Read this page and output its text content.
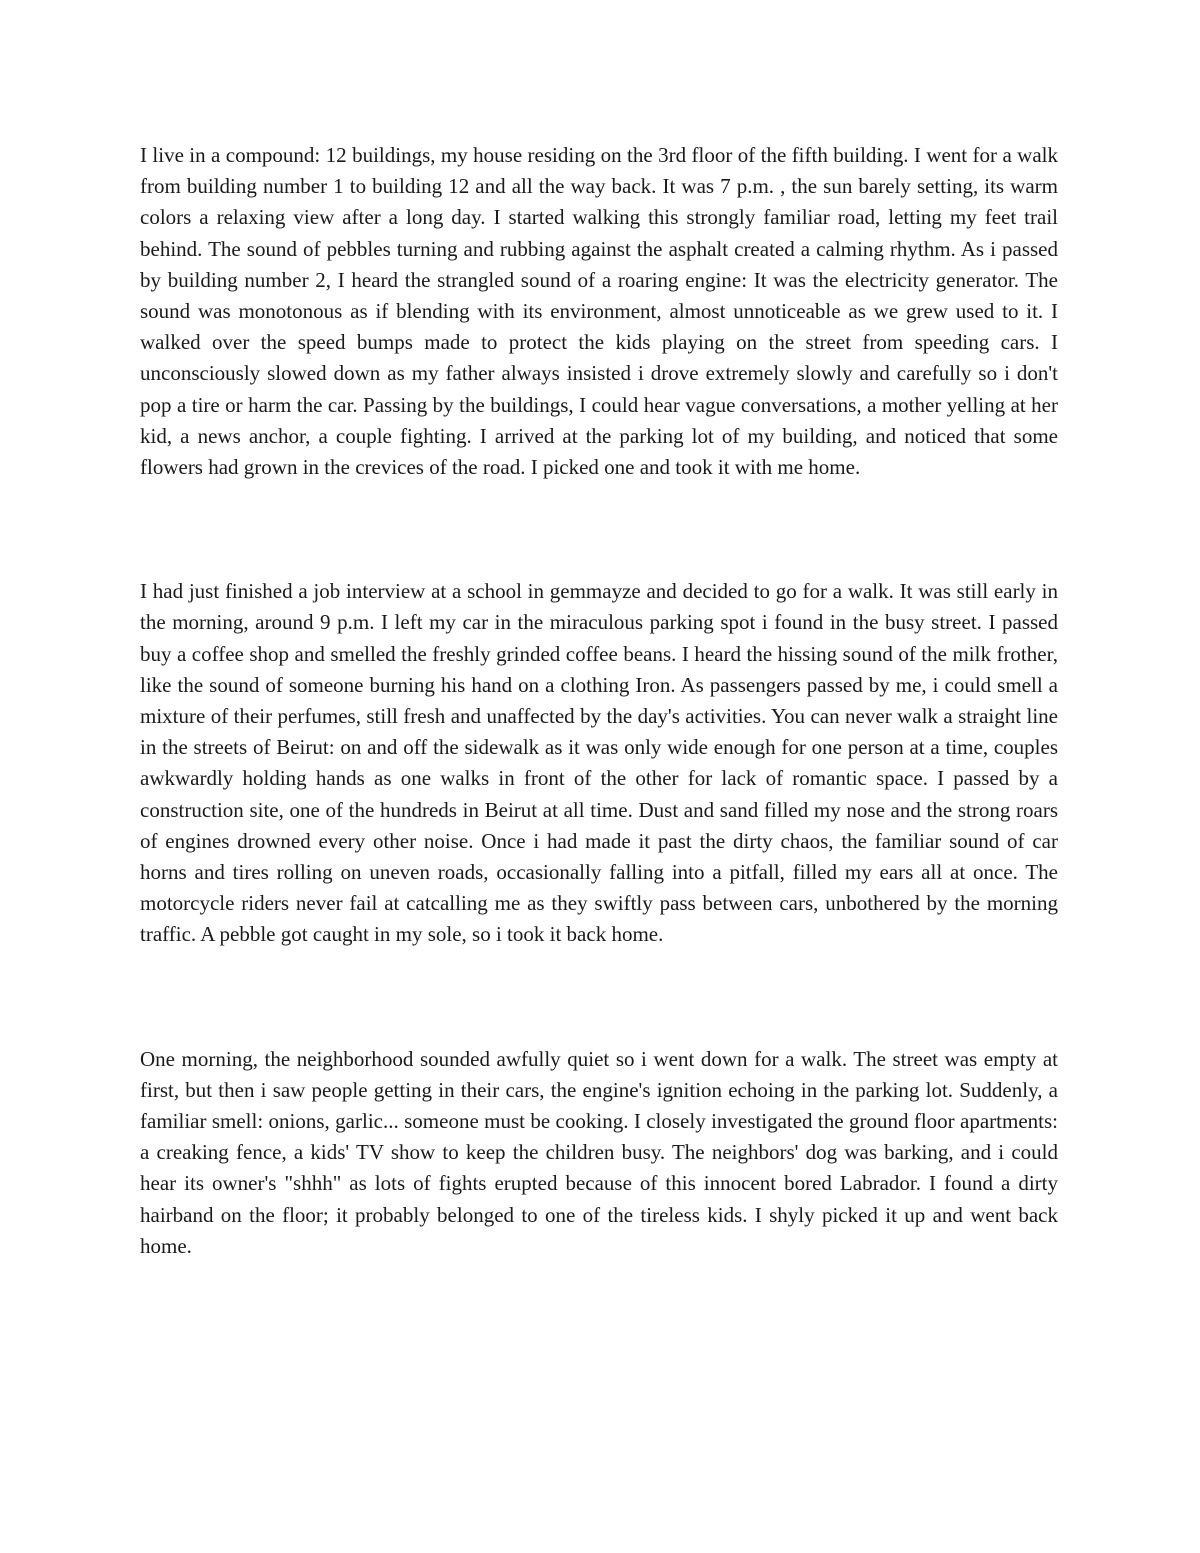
I live in a compound: 12 buildings, my house residing on the 3rd floor of the fifth building. I went for a walk from building number 1 to building 12 and all the way back. It was 7 p.m. , the sun barely setting, its warm colors a relaxing view after a long day. I started walking this strongly familiar road, letting my feet trail behind. The sound of pebbles turning and rubbing against the asphalt created a calming rhythm. As i passed by building number 2, I heard the strangled sound of a roaring engine: It was the electricity generator. The sound was monotonous as if blending with its environment, almost unnoticeable as we grew used to it. I walked over the speed bumps made to protect the kids playing on the street from speeding cars. I unconsciously slowed down as my father always insisted i drove extremely slowly and carefully so i don't pop a tire or harm the car. Passing by the buildings, I could hear vague conversations, a mother yelling at her kid, a news anchor, a couple fighting. I arrived at the parking lot of my building, and noticed that some flowers had grown in the crevices of the road. I picked one and took it with me home.

I had just finished a job interview at a school in gemmayze and decided to go for a walk. It was still early in the morning, around 9 p.m. I left my car in the miraculous parking spot i found in the busy street. I passed buy a coffee shop and smelled the freshly grinded coffee beans. I heard the hissing sound of the milk frother, like the sound of someone burning his hand on a clothing Iron. As passengers passed by me, i could smell a mixture of their perfumes, still fresh and unaffected by the day's activities. You can never walk a straight line in the streets of Beirut: on and off the sidewalk as it was only wide enough for one person at a time, couples awkwardly holding hands as one walks in front of the other for lack of romantic space. I passed by a construction site, one of the hundreds in Beirut at all time. Dust and sand filled my nose and the strong roars of engines drowned every other noise. Once i had made it past the dirty chaos, the familiar sound of car horns and tires rolling on uneven roads, occasionally falling into a pitfall, filled my ears all at once. The motorcycle riders never fail at catcalling me as they swiftly pass between cars, unbothered by the morning traffic. A pebble got caught in my sole, so i took it back home.

One morning, the neighborhood sounded awfully quiet so i went down for a walk. The street was empty at first, but then i saw people getting in their cars, the engine's ignition echoing in the parking lot. Suddenly, a familiar smell: onions, garlic... someone must be cooking. I closely investigated the ground floor apartments: a creaking fence, a kids' TV show to keep the children busy. The neighbors' dog was barking, and i could hear its owner's "shhh" as lots of fights erupted because of this innocent bored Labrador. I found a dirty hairband on the floor; it probably belonged to one of the tireless kids. I shyly picked it up and went back home.
